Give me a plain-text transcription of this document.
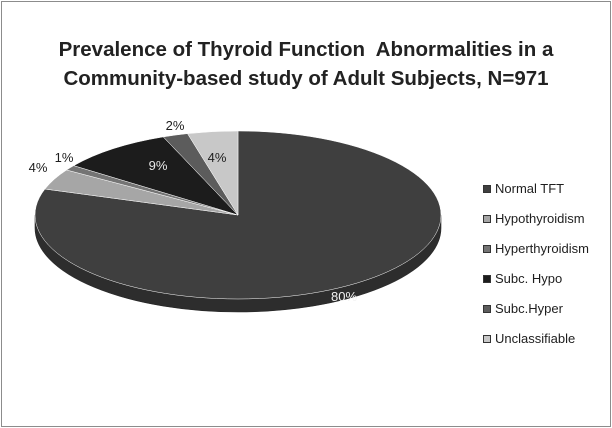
Prevalence of Thyroid Function  Abnormalities in a
Community-based study of Adult Subjects, N=971
80%
4%
1%
9%
2%
4%
Normal TFT
Hypothyroidism
Hyperthyroidism
Subc. Hypo
Subc.Hyper
Unclassifiable
